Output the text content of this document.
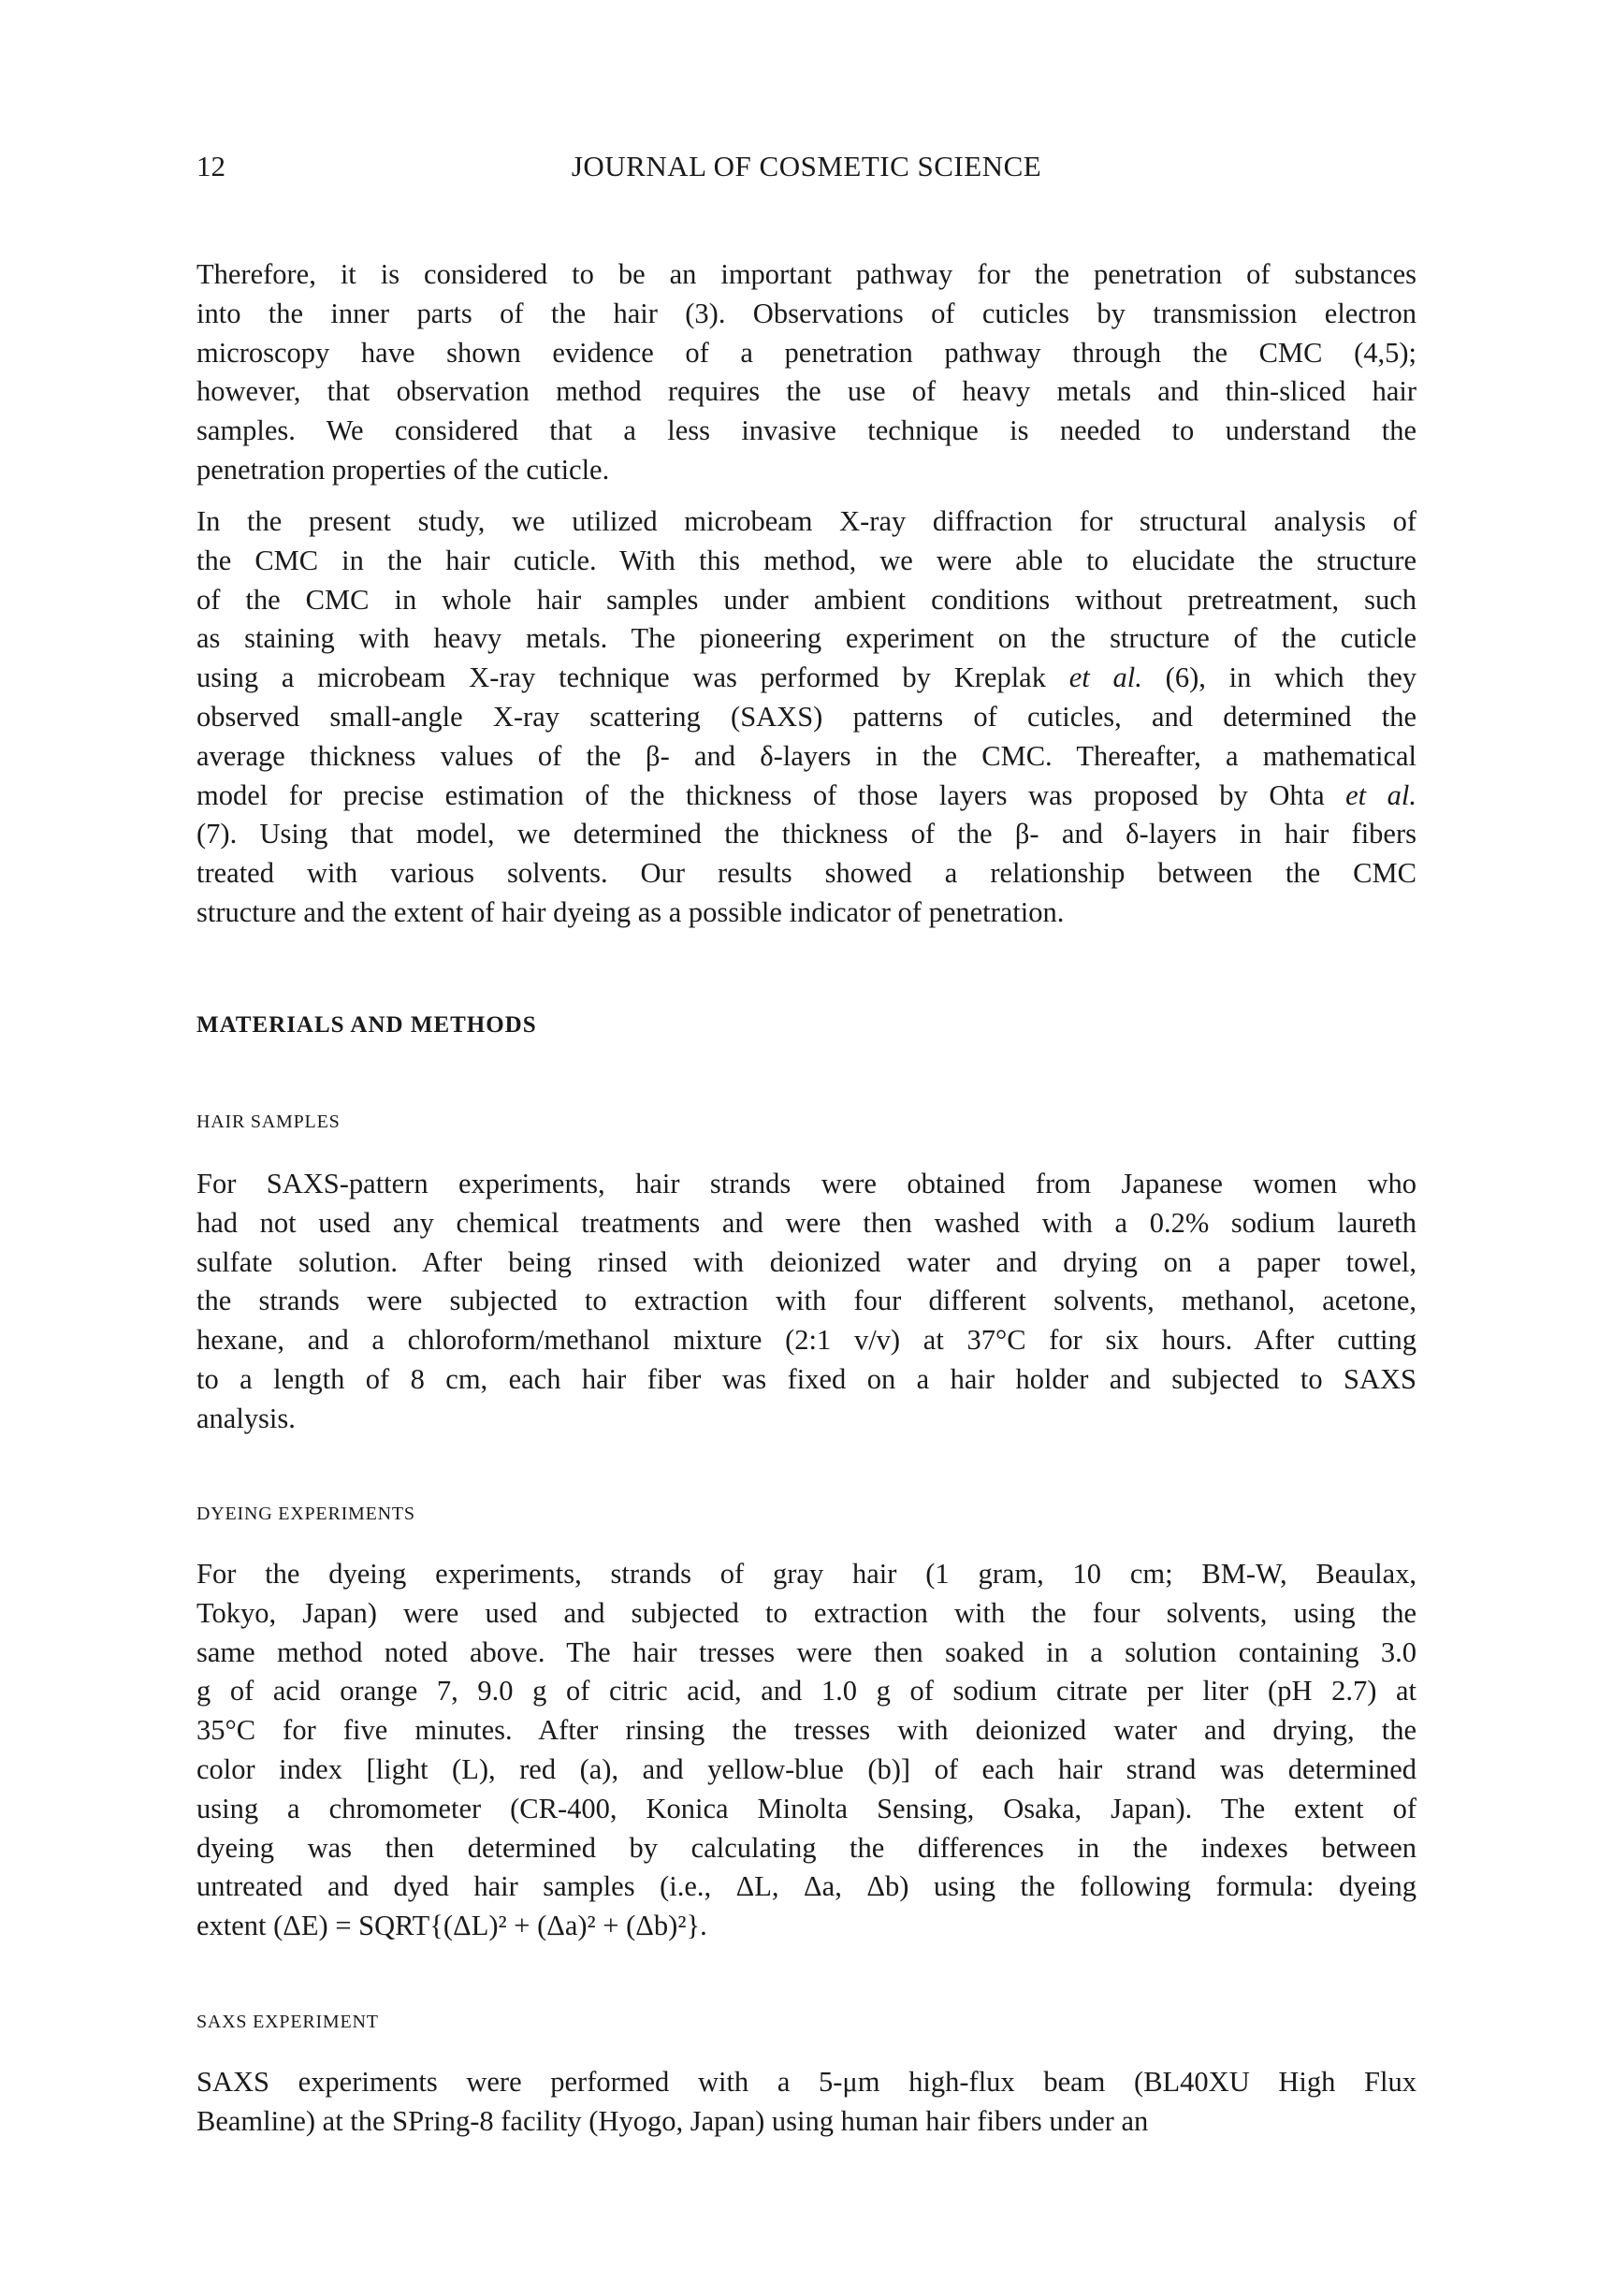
12	JOURNAL OF COSMETIC SCIENCE
Therefore, it is considered to be an important pathway for the penetration of substances
into the inner parts of the hair (3). Observations of cuticles by transmission electron
microscopy have shown evidence of a penetration pathway through the CMC (4,5);
however, that observation method requires the use of heavy metals and thin-sliced hair
samples. We considered that a less invasive technique is needed to understand the
penetration properties of the cuticle.
In the present study, we utilized microbeam X-ray diffraction for structural analysis of
the CMC in the hair cuticle. With this method, we were able to elucidate the structure
of the CMC in whole hair samples under ambient conditions without pretreatment, such
as staining with heavy metals. The pioneering experiment on the structure of the cuticle
using a microbeam X-ray technique was performed by Kreplak et al. (6), in which they
observed small-angle X-ray scattering (SAXS) patterns of cuticles, and determined the
average thickness values of the β- and δ-layers in the CMC. Thereafter, a mathematical
model for precise estimation of the thickness of those layers was proposed by Ohta et al.
(7). Using that model, we determined the thickness of the β- and δ-layers in hair fibers
treated with various solvents. Our results showed a relationship between the CMC
structure and the extent of hair dyeing as a possible indicator of penetration.
MATERIALS AND METHODS
HAIR SAMPLES
For SAXS-pattern experiments, hair strands were obtained from Japanese women who
had not used any chemical treatments and were then washed with a 0.2% sodium laureth
sulfate solution. After being rinsed with deionized water and drying on a paper towel,
the strands were subjected to extraction with four different solvents, methanol, acetone,
hexane, and a chloroform/methanol mixture (2:1 v/v) at 37°C for six hours. After cutting
to a length of 8 cm, each hair fiber was fixed on a hair holder and subjected to SAXS
analysis.
DYEING EXPERIMENTS
For the dyeing experiments, strands of gray hair (1 gram, 10 cm; BM-W, Beaulax,
Tokyo, Japan) were used and subjected to extraction with the four solvents, using the
same method noted above. The hair tresses were then soaked in a solution containing 3.0
g of acid orange 7, 9.0 g of citric acid, and 1.0 g of sodium citrate per liter (pH 2.7) at
35°C for five minutes. After rinsing the tresses with deionized water and drying, the
color index [light (L), red (a), and yellow-blue (b)] of each hair strand was determined
using a chromometer (CR-400, Konica Minolta Sensing, Osaka, Japan). The extent of
dyeing was then determined by calculating the differences in the indexes between
untreated and dyed hair samples (i.e., ΔL, Δa, Δb) using the following formula: dyeing
extent (ΔE) = SQRT{(ΔL)² + (Δa)² + (Δb)²}.
SAXS EXPERIMENT
SAXS experiments were performed with a 5-μm high-flux beam (BL40XU High Flux
Beamline) at the SPring-8 facility (Hyogo, Japan) using human hair fibers under an
